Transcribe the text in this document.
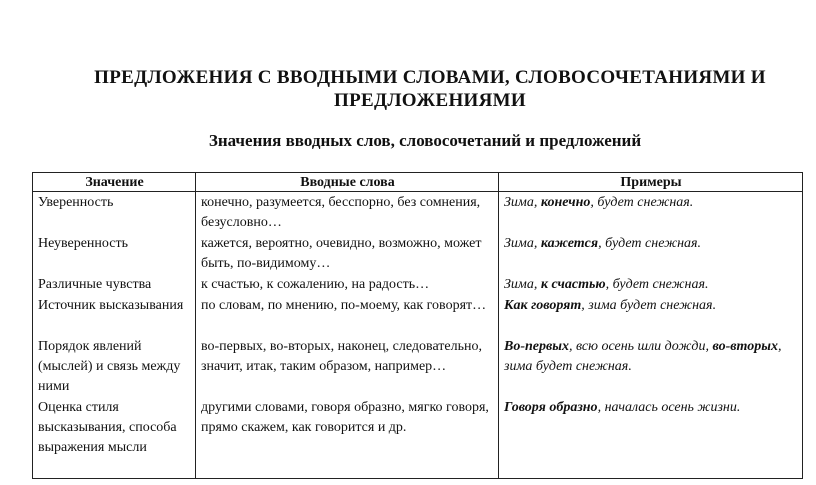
ПРЕДЛОЖЕНИЯ С ВВОДНЫМИ СЛОВАМИ, СЛОВОСОЧЕТАНИЯМИ И ПРЕДЛОЖЕНИЯМИ
Значения вводных слов, словосочетаний и предложений
Значение	Вводные слова	Примеры
Уверенность	конечно, разумеется, бесспорно, без сомнения, безусловно…	Зима, конечно, будет снежная.
Неуверенность	кажется, вероятно, очевидно, возможно, может быть, по-видимому…	Зима, кажется, будет снежная.
Различные чувства	к счастью, к сожалению, на радость…	Зима, к счастью, будет снежная.
Источник высказывания	по словам, по мнению, по-моему, как говорят…	Как говорят, зима будет снежная.
Порядок явлений (мыслей) и связь между ними	во-первых, во-вторых, наконец, следовательно, значит, итак, таким образом, например…	Во-первых, всю осень шли дожди, во-вторых, зима будет снежная.
Оценка стиля высказывания, способа выражения мысли	другими словами, говоря образно, мягко говоря, прямо скажем, как говорится и др.	Говоря образно, началась осень жизни.
